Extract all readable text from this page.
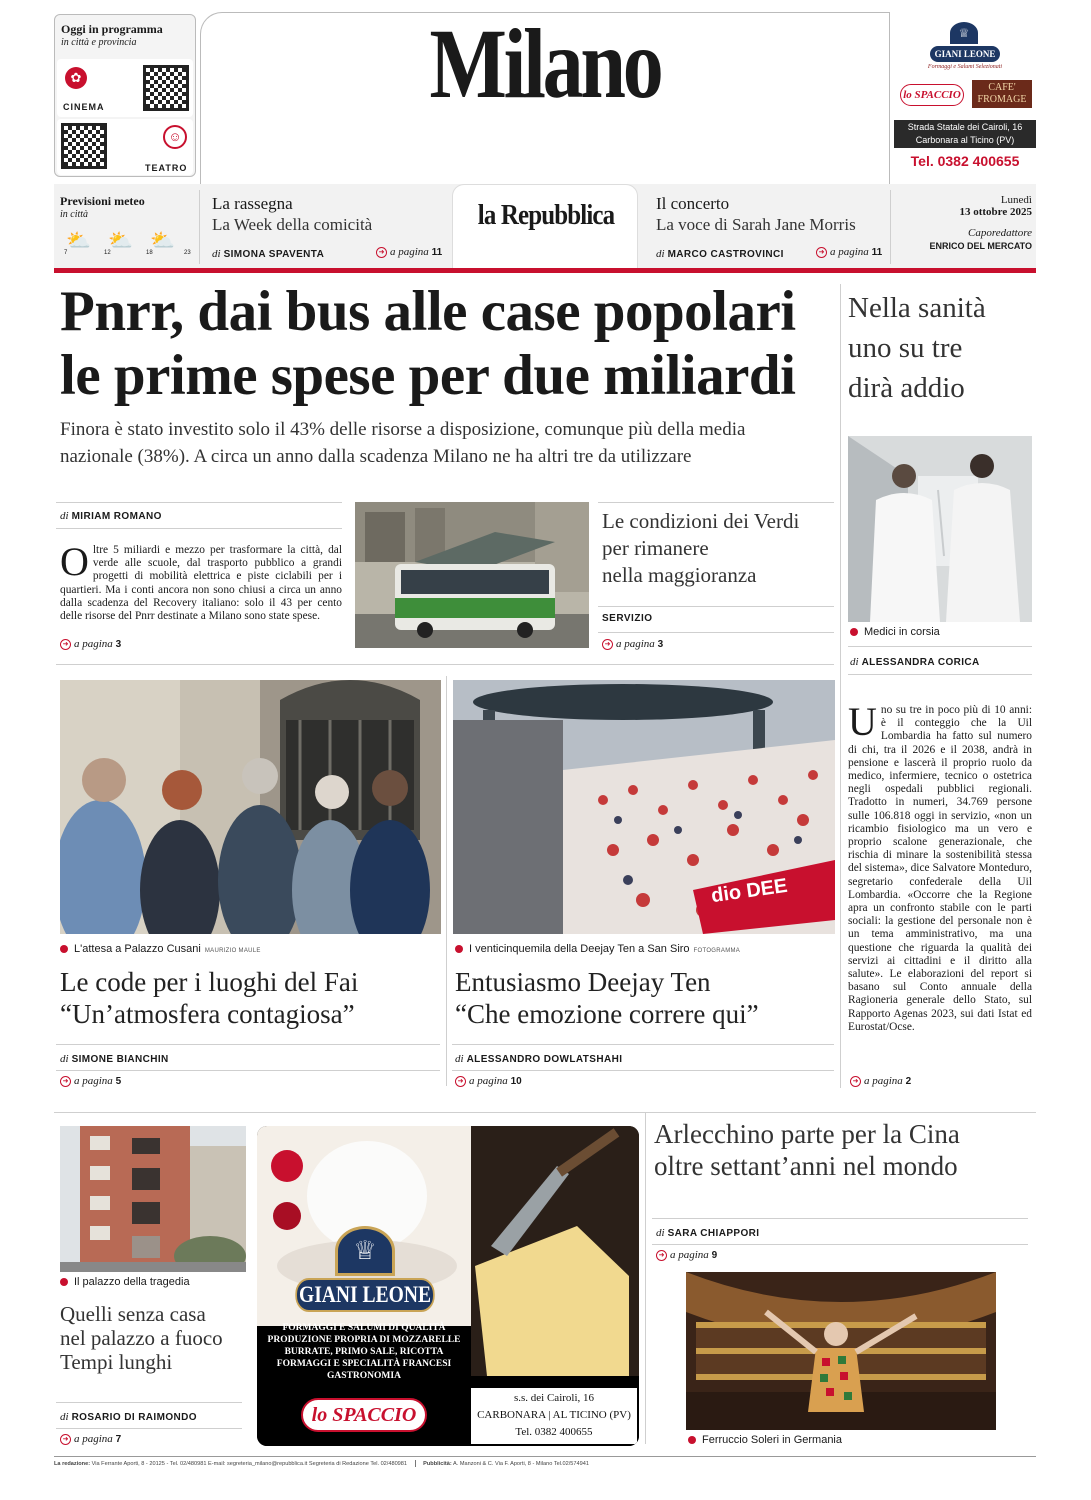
Oggi in programma
in città e provincia
✿
CINEMA
☺
TEATRO
Milano	♕
GIANI LEONE
Formaggi e Salumi Selezionati
lo SPACCIO
CAFE' FROMAGE
Strada Statale dei Cairoli, 16
Carbonara al Ticino (PV)
Tel. 0382 400655
la Repubblica
Previsioni meteo
in città
⛅ ⛅ ⛅
7	12	18	23
La rassegna
La Week della comicità
di SIMONA SPAVENTA	➜ a pagina 11
Il concerto
La voce di Sarah Jane Morris
di MARCO CASTROVINCI	➜ a pagina 11
Lunedì
13 ottobre 2025
Caporedattore
ENRICO DEL MERCATO
Pnrr, dai bus alle case popolari
le prime spese per due miliardi
Finora è stato investito solo il 43% delle risorse a disposizione, comunque più della media
nazionale (38%). A circa un anno dalla scadenza Milano ne ha altri tre da utilizzare
di MIRIAM ROMANO
Oltre 5 miliardi e mezzo per trasformare la città, dal verde alle scuole, dal trasporto pubblico a grandi progetti di mobilità elettrica e piste ciclabili per i quartieri. Ma i conti ancora non sono chiusi a circa un anno dalla scadenza del Recovery italiano: solo il 43 per cento delle risorse del Pnrr destinate a Milano sono state spese.
➜ a pagina 3
Le condizioni dei Verdi
per rimanere
nella maggioranza
SERVIZIO
➜ a pagina 3
Nella sanità
uno su tre
dirà addio
Medici in corsia
di ALESSANDRA CORICA
Uno su tre in poco più di 10 anni: è il conteggio che la Uil Lombardia ha fatto sul numero di chi, tra il 2026 e il 2038, andrà in pensione e lascerà il proprio ruolo da medico, infermiere, tecnico o ostetrica negli ospedali pubblici regionali. Tradotto in numeri, 34.769 persone sulle 106.818 oggi in servizio, «non un ricambio fisiologico ma un vero e proprio scalone generazionale, che rischia di minare la sostenibilità stessa del sistema», dice Salvatore Monteduro, segretario confederale della Uil Lombardia. «Occorre che la Regione apra un confronto stabile con le parti sociali: la gestione del personale non è un tema amministrativo, ma una questione che riguarda la qualità dei servizi ai cittadini e il diritto alla salute». Le elaborazioni del report si basano sul Conto annuale della Ragioneria generale dello Stato, sul Rapporto Agenas 2023, sui dati Istat ed Eurostat/Ocse.
➜ a pagina 2
L'attesa a Palazzo Cusani MAURIZIO MAULE
Le code per i luoghi del Fai
“Un’atmosfera contagiosa”
di SIMONE BIANCHIN
➜ a pagina 5
dio DEE
I venticinquemila della Deejay Ten a San Siro FOTOGRAMMA
Entusiasmo Deejay Ten
“Che emozione correre qui”
di ALESSANDRO DOWLATSHAHI
➜ a pagina 10
Il palazzo della tragedia
Quelli senza casa
nel palazzo a fuoco
Tempi lunghi
di ROSARIO DI RAIMONDO
➜ a pagina 7
♕
GIANI LEONE
FORMAGGI E SALUMI DI QUALITÀ
PRODUZIONE PROPRIA DI MOZZARELLE
BURRATE, PRIMO SALE, RICOTTA
FORMAGGI E SPECIALITÀ FRANCESI
GASTRONOMIA
lo SPACCIO
s.s. dei Cairoli, 16
CARBONARA | AL TICINO (PV)
Tel. 0382 400655
Arlecchino parte per la Cina
oltre settant’anni nel mondo
di SARA CHIAPPORI
➜ a pagina 9
Ferruccio Soleri in Germania
La redazione: Via Ferrante Aporti, 8 - 20125 - Tel. 02/480981 E-mail: segreteria_milano@repubblica.it Segreteria di Redazione Tel. 02/480981	Pubblicità: A. Manzoni & C. Via F. Aporti, 8 - Milano Tel.02/574941
